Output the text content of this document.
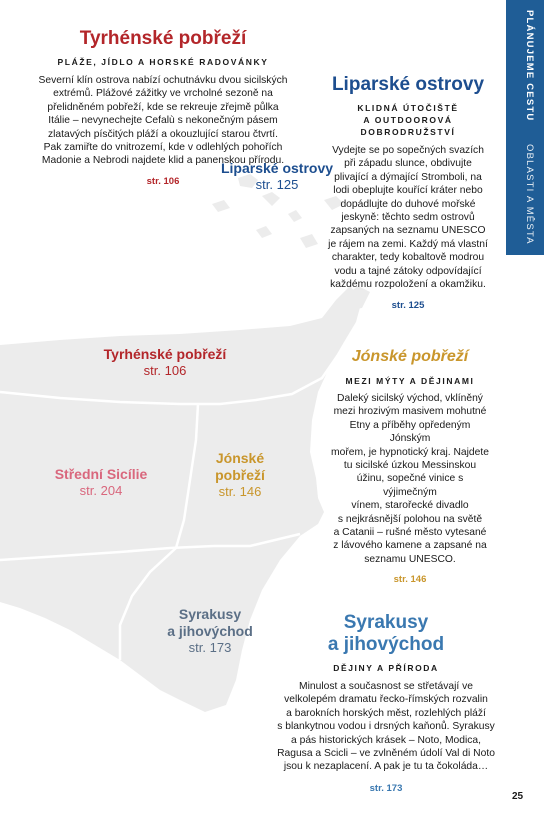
PLÁNUJEME CESTU      OBLASTI A MĚSTA
Tyrhénské pobřeží
PLÁŽE, JÍDLO A HORSKÉ RADOVÁNKY
Severní klín ostrova nabízí ochutnávku dvou sicilských
extrémů. Plážové zážitky ve vrcholné sezoně na
přelidněném pobřeží, kde se rekreuje zřejmě půlka
Itálie – nevynechejte Cefalù s nekonečným pásem
zlatavých písčitých pláží a okouzlující starou čtvrtí.
Pak zamiřte do vnitrozemí, kde v odlehlých pohořích
Madonie a Nebrodi najdete klid a panenskou přírodu.
str. 106
Liparské ostrovy
KLIDNÁ ÚTOČIŠTĚ
A OUTDOOROVÁ
DOBRODRUŽSTVÍ
Vydejte se po sopečných svazích
při západu slunce, obdivujte
plivající a dýmající Stromboli, na
lodi obeplujte kouřící kráter nebo
dopádlujte do duhové mořské
jeskyně: těchto sedm ostrovů
zapsaných na seznamu UNESCO
je rájem na zemi. Každý má vlastní
charakter, tedy kobaltově modrou
vodu a tajné zátoky odpovídající
každému rozpoložení a okamžiku.
str. 125
Liparské ostrovy
str. 125
Tyrhénské pobřeží
str. 106
Střední Sicílie
str. 204
Jónské
pobřeží
str. 146
Syrakusy
a jihovýchod
str. 173
Jónské pobřeží
MEZI MÝTY A DĚJINAMI
Daleký sicilský východ, vklíněný
mezi hrozivým masivem mohutné
Etny a příběhy opředeným Jónským
mořem, je hypnotický kraj. Najdete
tu sicilské úzkou Messinskou
úžinu, sopečné vinice s výjimečným
vínem, starořecké divadlo
s nejkrásnější polohou na světě
a Catanii – rušné město vytesané
z lávového kamene a zapsané na
seznamu UNESCO.
str. 146
Syrakusy
a jihovýchod
DĚJINY A PŘÍRODA
Minulost a současnost se střetávají ve
velkolepém dramatu řecko-římských rozvalin
a barokních horských měst, rozlehlých pláží
s blankytnou vodou i drsných kaňonů. Syrakusy
a pás historických krásek – Noto, Modica,
Ragusa a Scicli – ve zvlněném údolí Val di Noto
jsou k nezaplacení. A pak je tu ta čokoláda…
str. 173
25
